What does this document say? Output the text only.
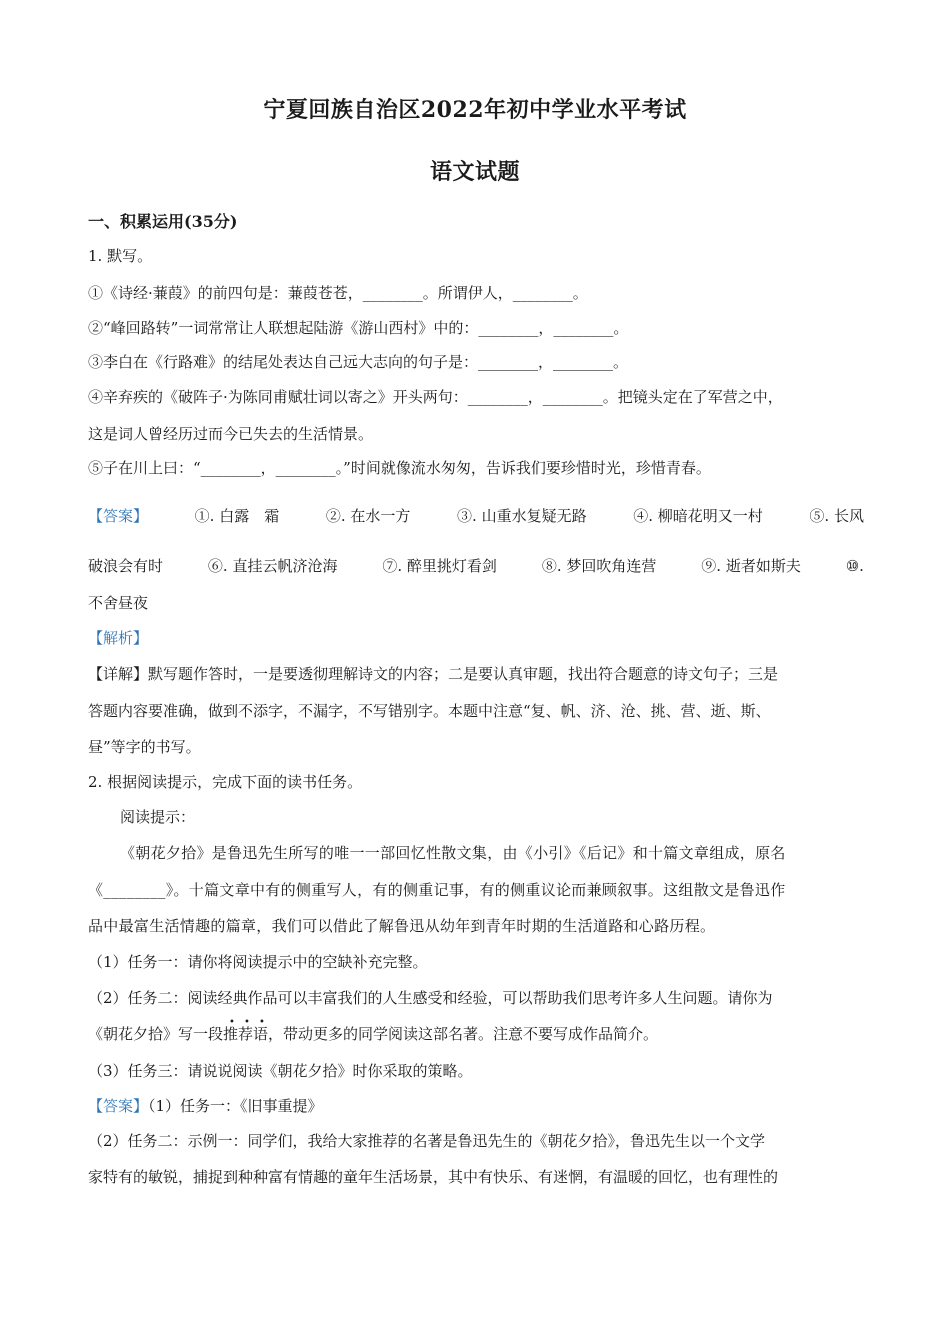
宁夏回族自治区2022年初中学业水平考试
语文试题
一、积累运用(35分)
1. 默写。
①《诗经·蒹葭》的前四句是：蒹葭苍苍，________。所谓伊人，________。
②“峰回路转”一词常常让人联想起陆游《游山西村》中的：________，________。
③李白在《行路难》的结尾处表达自己远大志向的句子是：________，________。
④辛弃疾的《破阵子·为陈同甫赋壮词以寄之》开头两句：________，________。把镜头定在了军营之中，
这是词人曾经历过而今已失去的生活情景。
⑤子在川上曰：“________，________。”时间就像流水匆匆，告诉我们要珍惜时光，珍惜青春。
【答案】	①. 白露　霜	②. 在水一方	③. 山重水复疑无路	④. 柳暗花明又一村	⑤. 长风
破浪会有时	⑥. 直挂云帆济沧海	⑦. 醉里挑灯看剑	⑧. 梦回吹角连营	⑨. 逝者如斯夫	⑩.
不舍昼夜
【解析】
【详解】默写题作答时，一是要透彻理解诗文的内容；二是要认真审题，找出符合题意的诗文句子；三是
答题内容要准确，做到不添字，不漏字，不写错别字。本题中注意“复、帆、济、沧、挑、营、逝、斯、
昼”等字的书写。
2. 根据阅读提示，完成下面的读书任务。
阅读提示：
《朝花夕拾》是鲁迅先生所写的唯一一部回忆性散文集，由《小引》《后记》和十篇文章组成，原名
《________》。十篇文章中有的侧重写人，有的侧重记事，有的侧重议论而兼顾叙事。这组散文是鲁迅作
品中最富生活情趣的篇章，我们可以借此了解鲁迅从幼年到青年时期的生活道路和心路历程。
（1）任务一：请你将阅读提示中的空缺补充完整。
（2）任务二：阅读经典作品可以丰富我们的人生感受和经验，可以帮助我们思考许多人生问题。请你为
《朝花夕拾》写一段
• • •
推荐语，带动更多的同学阅读这部名著。注意不要写成作品简介。
（3）任务三：请说说阅读《朝花夕拾》时你采取的策略。
【答案】（1）任务一：《旧事重提》
（2）任务二：示例一：同学们，我给大家推荐的名著是鲁迅先生的《朝花夕拾》，鲁迅先生以一个文学
家特有的敏锐，捕捉到种种富有情趣的童年生活场景，其中有快乐、有迷惘，有温暖的回忆，也有理性的
